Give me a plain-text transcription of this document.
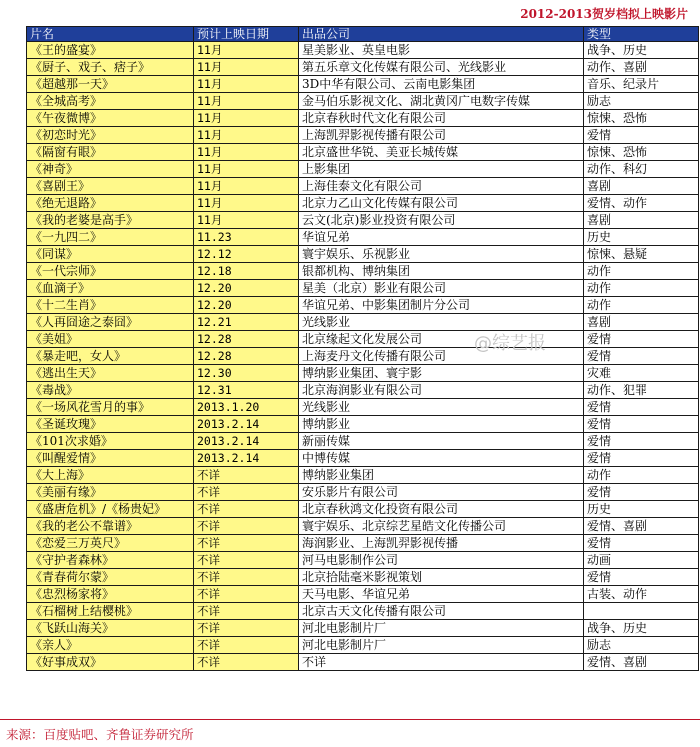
2012-2013贺岁档拟上映影片
片名	预计上映日期	出品公司	类型
《王的盛宴》	11月	星美影业、英皇电影	战争、历史
《厨子、戏子、痞子》	11月	第五乐章文化传媒有限公司、光线影业	动作、喜剧
《超越那一天》	11月	3D中华有限公司、云南电影集团	音乐、纪录片
《全城高考》	11月	金马伯乐影视文化、湖北黄冈广电数字传媒	励志
《午夜微博》	11月	北京春秋时代文化有限公司	惊悚、恐怖
《初恋时光》	11月	上海凯羿影视传播有限公司	爱情
《隔窗有眼》	11月	北京盛世华锐、美亚长城传媒	惊悚、恐怖
《神奇》	11月	上影集团	动作、科幻
《喜剧王》	11月	上海佳泰文化有限公司	喜剧
《绝无退路》	11月	北京力乙山文化传媒有限公司	爱情、动作
《我的老婆是高手》	11月	云文(北京)影业投资有限公司	喜剧
《一九四二》	11.23	华谊兄弟	历史
《同谋》	12.12	寰宇娱乐、乐视影业	惊悚、悬疑
《一代宗师》	12.18	银都机构、博纳集团	动作
《血滴子》	12.20	星美（北京）影业有限公司	动作
《十二生肖》	12.20	华谊兄弟、中影集团制片分公司	动作
《人再囧途之泰囧》	12.21	光线影业	喜剧
《美姐》	12.28	北京缘起文化发展公司	爱情
《暴走吧，女人》	12.28	上海麦丹文化传播有限公司	爱情
《逃出生天》	12.30	博纳影业集团、寰宇影	灾难
《毒战》	12.31	北京海润影业有限公司	动作、犯罪
《一场风花雪月的事》	2013.1.20	光线影业	爱情
《圣诞玫瑰》	2013.2.14	博纳影业	爱情
《101次求婚》	2013.2.14	新丽传媒	爱情
《叫醒爱情》	2013.2.14	中博传媒	爱情
《大上海》	不详	博纳影业集团	动作
《美丽有缘》	不详	安乐影片有限公司	爱情
《盛唐危机》/《杨贵妃》	不详	北京春秋鸿文化投资有限公司	历史
《我的老公不靠谱》	不详	寰宇娱乐、北京综艺星皓文化传播公司	爱情、喜剧
《恋爱三万英尺》	不详	海润影业、上海凯羿影视传播	爱情
《守护者森林》	不详	河马电影制作公司	动画
《青春荷尔蒙》	不详	北京拾陆毫米影视策划	爱情
《忠烈杨家将》	不详	天马电影、华谊兄弟	古装、动作
《石榴树上结樱桃》	不详	北京古天文化传播有限公司	
《飞跃山海关》	不详	河北电影制片厂	战争、历史
《亲人》	不详	河北电影制片厂	励志
《好事成双》	不详	不详	爱情、喜剧
@综艺报
来源：百度贴吧、齐鲁证券研究所
